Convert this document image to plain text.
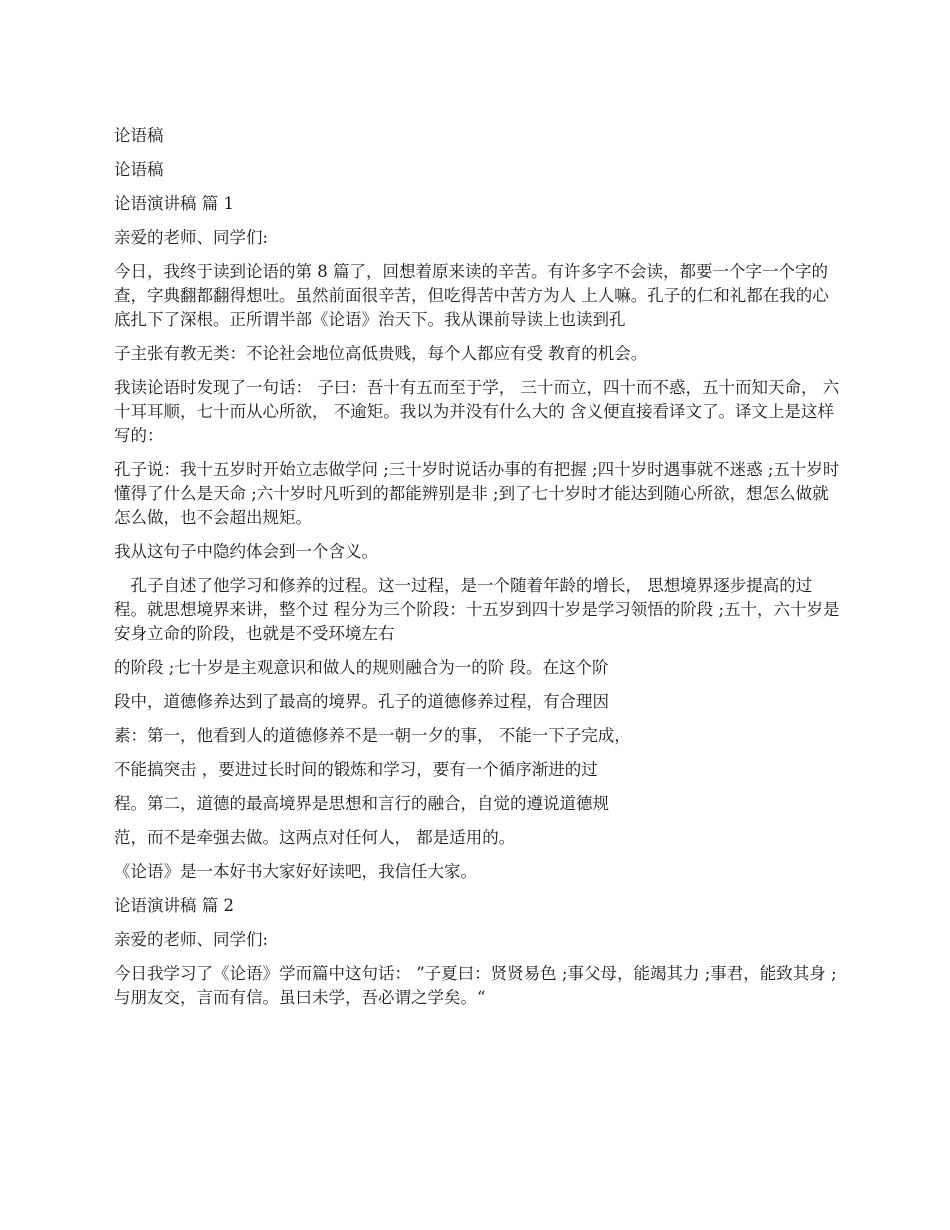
论语稿

论语稿

论语演讲稿 篇 1

亲爱的老师、同学们:

今日，我终于读到论语的第 8 篇了，回想着原来读的辛苦。有许多字不会读，都要一个字一个字的查，字典翻都翻得想吐。虽然前面很辛苦，但吃得苦中苦方为人 上人嘛。孔子的仁和礼都在我的心底扎下了深根。正所谓半部《论语》治天下。我从课前导读上也读到孔

子主张有教无类：不论社会地位高低贵贱，每个人都应有受 教育的机会。

我读论语时发现了一句话： 子曰：吾十有五而至于学， 三十而立，四十而不惑，五十而知天命， 六十耳耳顺，七十而从心所欲， 不逾矩。我以为并没有什么大的 含义便直接看译文了。译文上是这样写的：

孔子说：我十五岁时开始立志做学问 ;三十岁时说话办事的有把握 ;四十岁时遇事就不迷惑 ;五十岁时懂得了什么是天命 ;六十岁时凡听到的都能辨别是非 ;到了七十岁时才能达到随心所欲，想怎么做就怎么做，也不会超出规矩。

我从这句子中隐约体会到一个含义。

　孔子自述了他学习和修养的过程。这一过程，是一个随着年龄的增长， 思想境界逐步提高的过程。就思想境界来讲，整个过 程分为三个阶段：十五岁到四十岁是学习领悟的阶段 ;五十，六十岁是安身立命的阶段，也就是不受环境左右

的阶段 ;七十岁是主观意识和做人的规则融合为一的阶 段。在这个阶

段中，道德修养达到了最高的境界。孔子的道德修养过程，有合理因

素：第一，他看到人的道德修养不是一朝一夕的事， 不能一下子完成，

不能搞突击 ，要进过长时间的锻炼和学习，要有一个循序渐进的过

程。第二，道德的最高境界是思想和言行的融合，自觉的遵说道德规

范，而不是牵强去做。这两点对任何人， 都是适用的。

《论语》是一本好书大家好好读吧，我信任大家。

论语演讲稿 篇 2

亲爱的老师、同学们:

今日我学习了《论语》学而篇中这句话： ”子夏曰：贤贤易色 ;事父母，能竭其力 ;事君，能致其身 ;与朋友交，言而有信。虽曰未学，吾必谓之学矣。“
